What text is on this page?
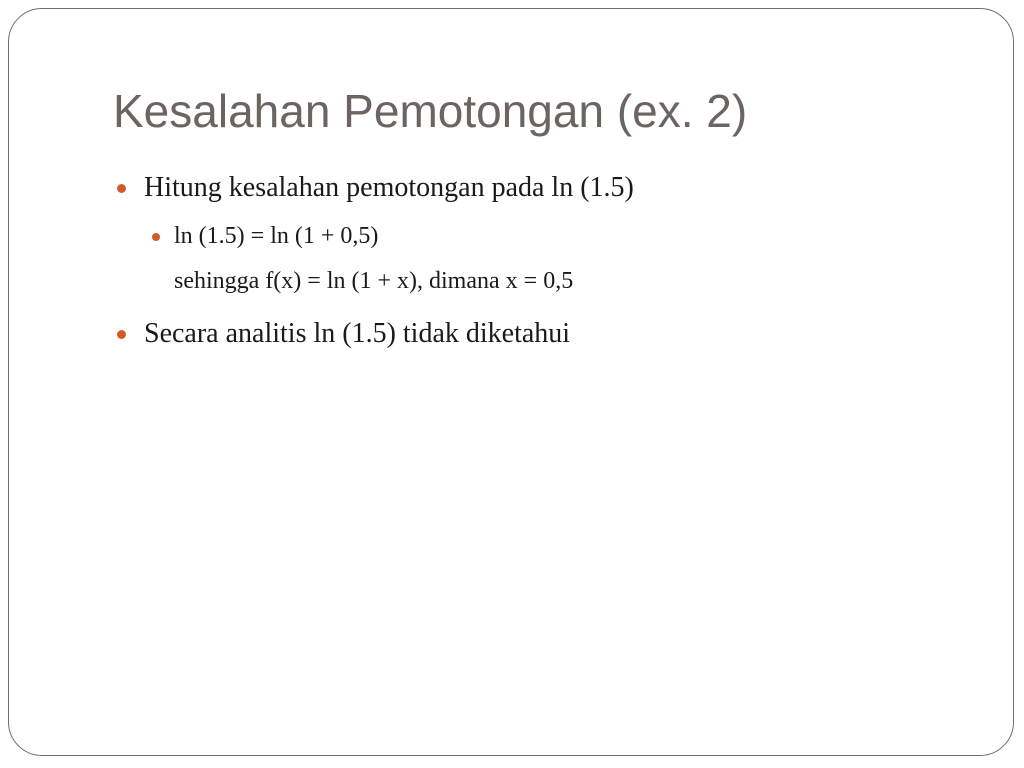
Kesalahan Pemotongan (ex. 2)
Hitung kesalahan pemotongan pada ln (1.5)
ln (1.5) = ln (1 + 0,5)
sehingga f(x) = ln (1 + x), dimana x = 0,5
Secara analitis ln (1.5) tidak diketahui
